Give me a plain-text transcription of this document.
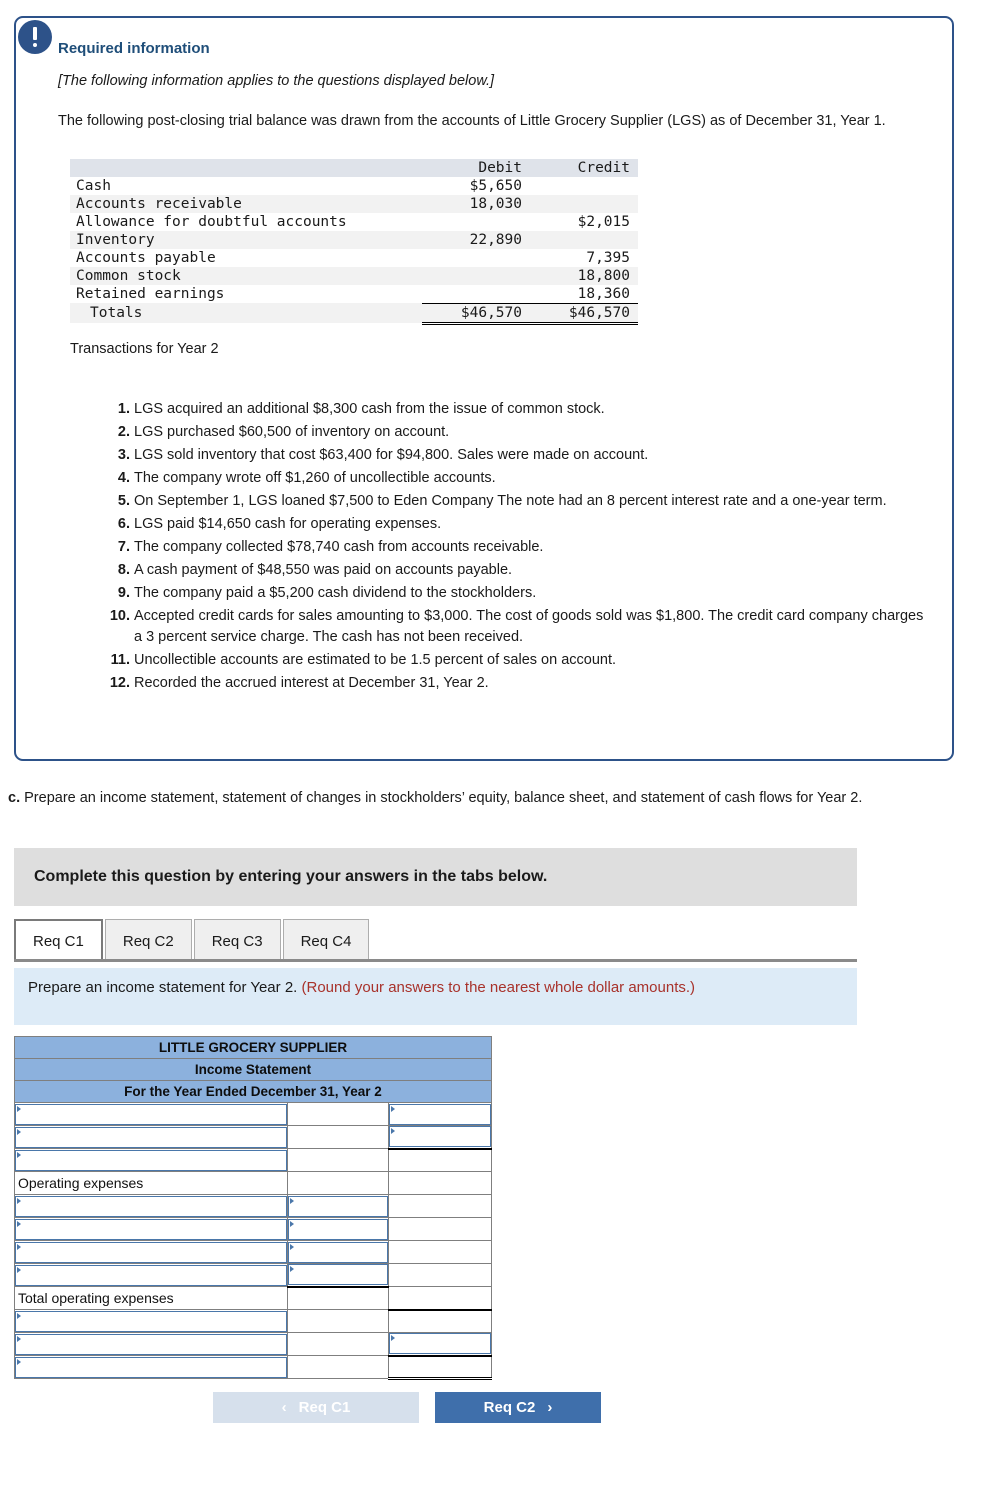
Required information
[The following information applies to the questions displayed below.]
The following post-closing trial balance was drawn from the accounts of Little Grocery Supplier (LGS) as of December 31, Year 1.
	Debit	Credit
Cash	$5,650	
Accounts receivable	18,030	
Allowance for doubtful accounts		$2,015
Inventory	22,890	
Accounts payable		7,395
Common stock		18,800
Retained earnings		18,360
Totals	$46,570	$46,570
Transactions for Year 2
LGS acquired an additional $8,300 cash from the issue of common stock.
LGS purchased $60,500 of inventory on account.
LGS sold inventory that cost $63,400 for $94,800. Sales were made on account.
The company wrote off $1,260 of uncollectible accounts.
On September 1, LGS loaned $7,500 to Eden Company The note had an 8 percent interest rate and a one-year term.
LGS paid $14,650 cash for operating expenses.
The company collected $78,740 cash from accounts receivable.
A cash payment of $48,550 was paid on accounts payable.
The company paid a $5,200 cash dividend to the stockholders.
Accepted credit cards for sales amounting to $3,000. The cost of goods sold was $1,800. The credit card company charges a 3 percent service charge. The cash has not been received.
Uncollectible accounts are estimated to be 1.5 percent of sales on account.
Recorded the accrued interest at December 31, Year 2.
c. Prepare an income statement, statement of changes in stockholders’ equity, balance sheet, and statement of cash flows for Year 2.
Complete this question by entering your answers in the tabs below.
Req C1	Req C2	Req C3	Req C4
Prepare an income statement for Year 2. (Round your answers to the nearest whole dollar amounts.)
LITTLE GROCERY SUPPLIER		
Income Statement		
For the Year Ended December 31, Year 2		

Operating expenses		

Total operating expenses		

‹ Req C1	Req C2 ›
